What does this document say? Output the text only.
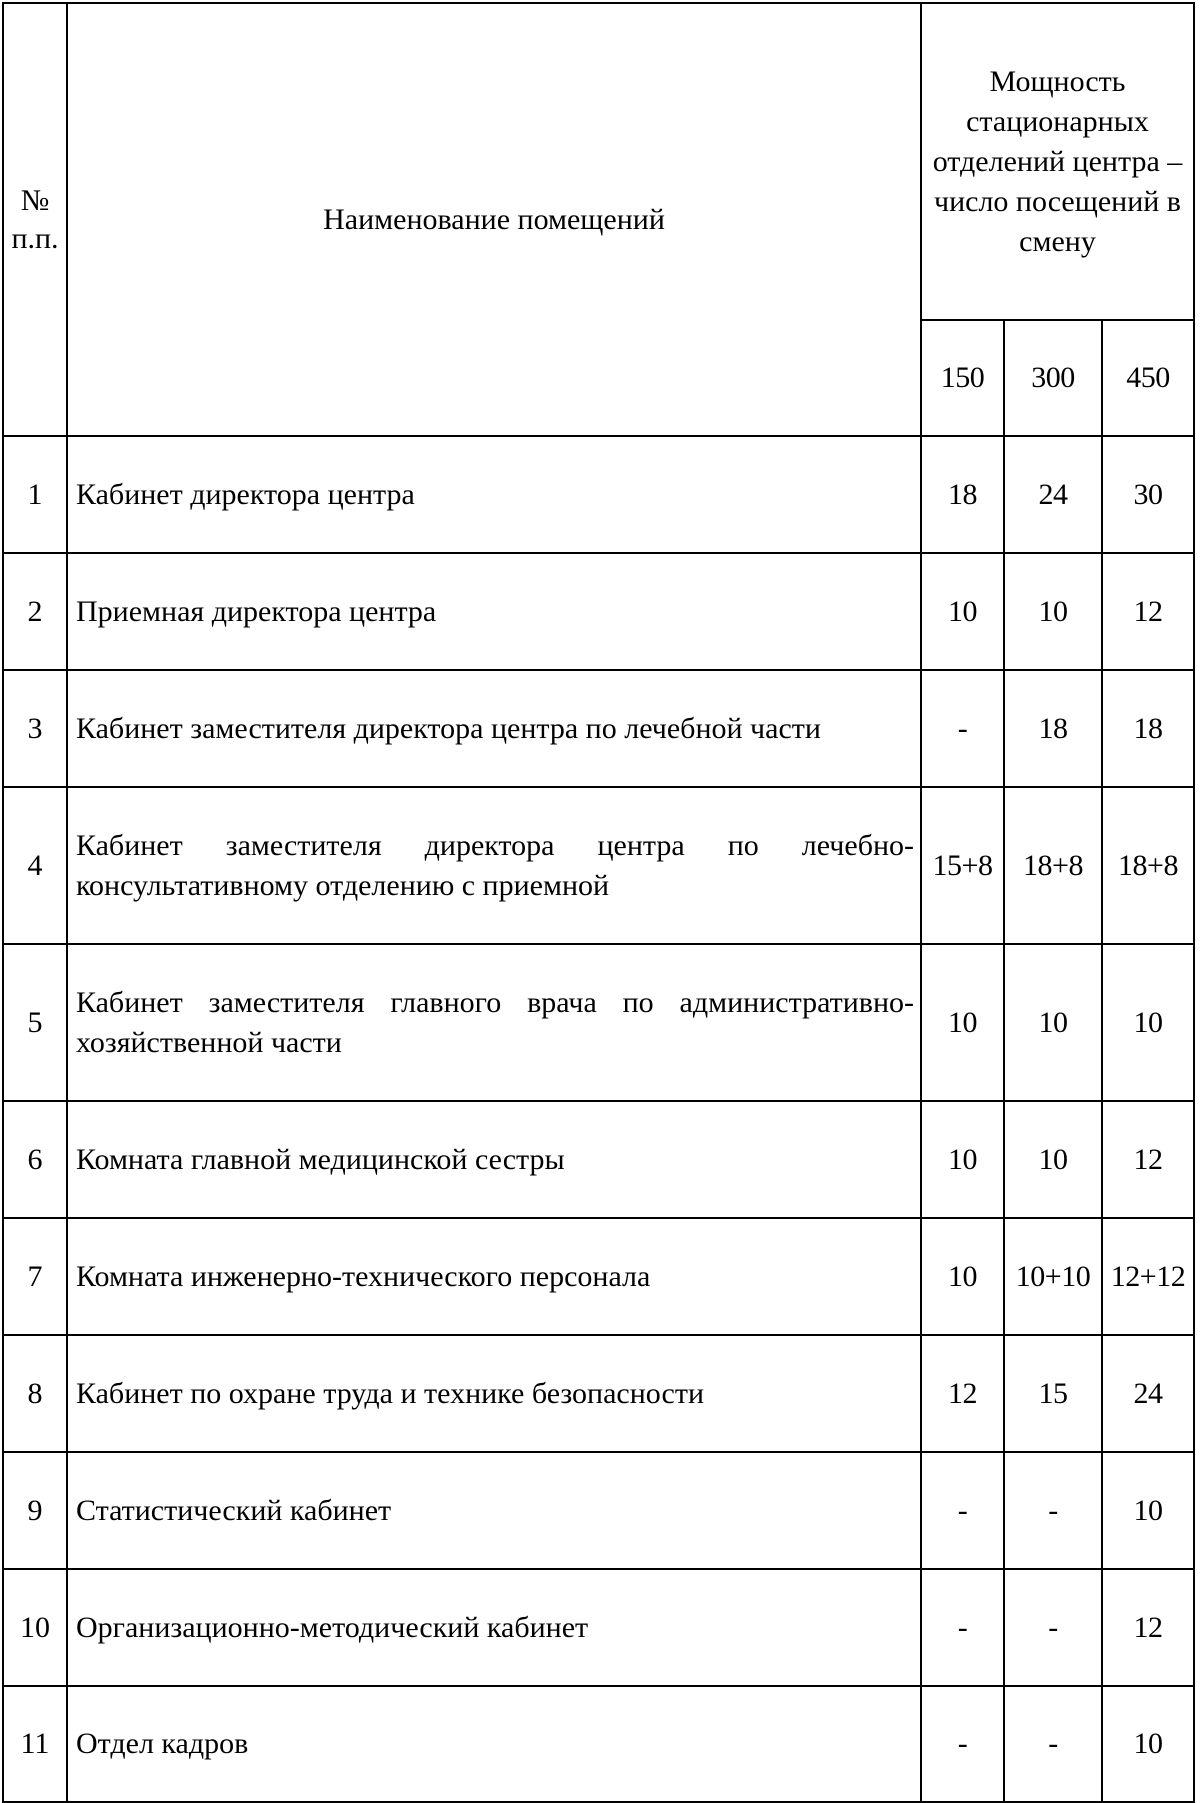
№
п.п.	Наименование помещений	Мощность стационарных отделений центра – число посещений в смену		
		150	300	450
1	Кабинет директора центра	18	24	30
2	Приемная директора центра	10	10	12
3	Кабинет заместителя директора центра по лечебной части	-	18	18
4	Кабинет заместителя директора центра по лечебно-консультативному отделению с приемной	15+8	18+8	18+8
5	Кабинет заместителя главного врача по административно-хозяйственной части	10	10	10
6	Комната главной медицинской сестры	10	10	12
7	Комната инженерно-технического персонала	10	10+10	12+12
8	Кабинет по охране труда и технике безопасности	12	15	24
9	Статистический кабинет	-	-	10
10	Организационно-методический кабинет	-	-	12
11	Отдел кадров	-	-	10
